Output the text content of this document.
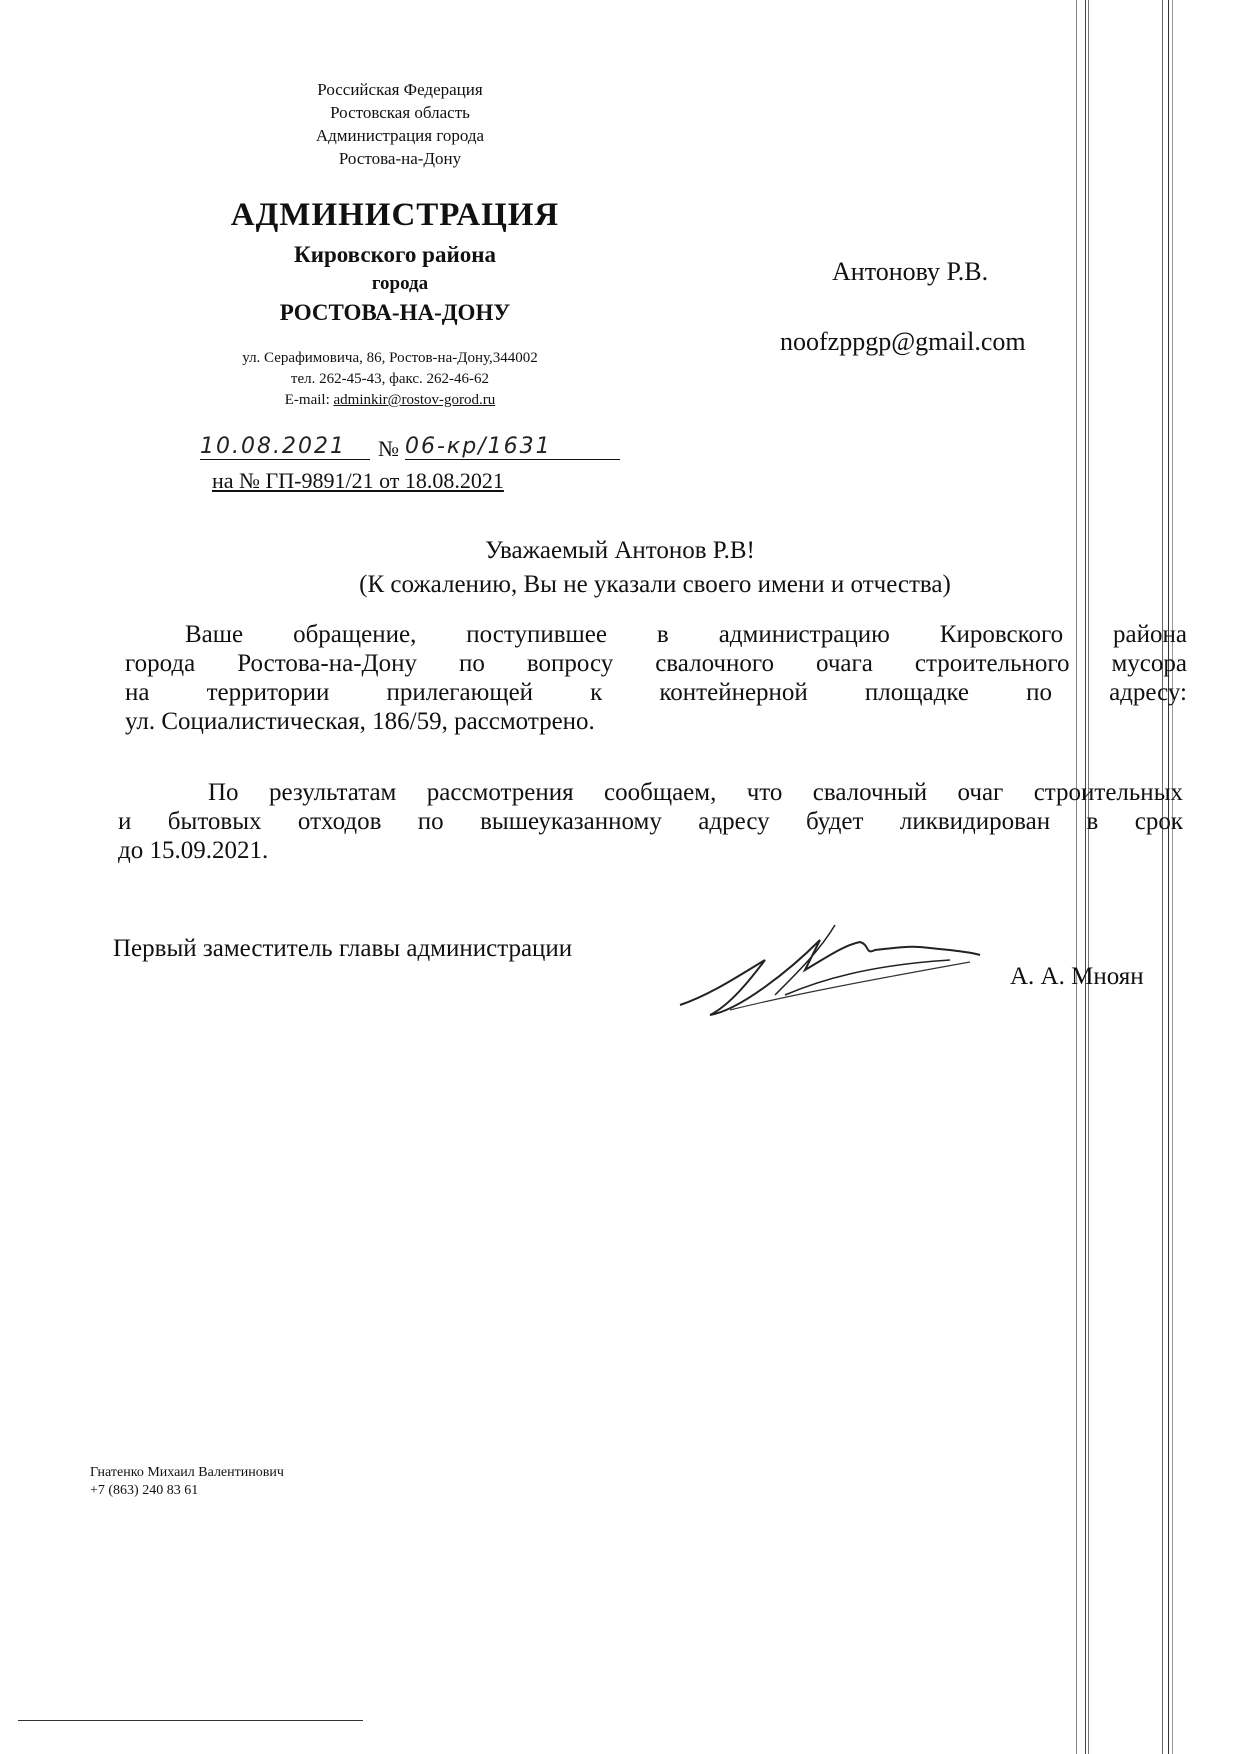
Российская Федерация
Ростовская область
Администрация города
Ростова-на-Дону
АДМИНИСТРАЦИЯ
Кировского района
города
РОСТОВА-НА-ДОНУ
ул. Серафимовича, 86, Ростов-на-Дону,344002
тел. 262-45-43, факс. 262-46-62
E-mail: adminkir@rostov-gorod.ru
10.08.2021	№ 06-кр/1631
на № ГП-9891/21 от 18.08.2021
Антонову Р.В.
noofzppgp@gmail.com
Уважаемый Антонов Р.В!
(К сожалению, Вы не указали своего имени и отчества)
Ваше обращение, поступившее в администрацию Кировского района
города Ростова-на-Дону по вопросу свалочного очага строительного мусора
на территории прилегающей к контейнерной площадке по адресу:
ул. Социалистическая, 186/59, рассмотрено.
По результатам рассмотрения сообщаем, что свалочный очаг строительных
и бытовых отходов по вышеуказанному адресу будет ликвидирован в срок
до 15.09.2021.
Первый заместитель главы администрации
А. А. Мноян
Гнатенко Михаил Валентинович
+7 (863) 240 83 61
